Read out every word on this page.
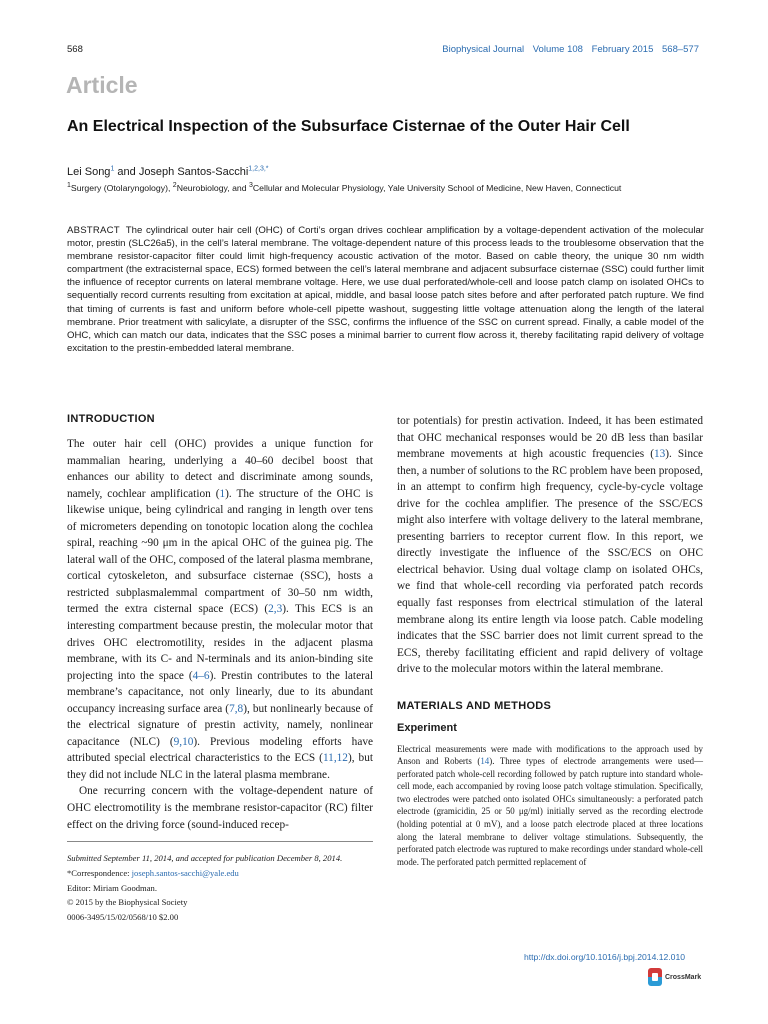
568	Biophysical Journal Volume 108 February 2015 568–577
Article
An Electrical Inspection of the Subsurface Cisternae of the Outer Hair Cell
Lei Song$^1$ and Joseph Santos-Sacchi$^{1,2,3,*}$
$^1$Surgery (Otolaryngology), $^2$Neurobiology, and $^3$Cellular and Molecular Physiology, Yale University School of Medicine, New Haven, Connecticut
ABSTRACT The cylindrical outer hair cell (OHC) of Corti’s organ drives cochlear amplification by a voltage-dependent activation of the molecular motor, prestin (SLC26a5), in the cell’s lateral membrane. The voltage-dependent nature of this process leads to the troublesome observation that the membrane resistor-capacitor filter could limit high-frequency acoustic activation of the motor. Based on cable theory, the unique 30 nm width compartment (the extracisternal space, ECS) formed between the cell’s lateral membrane and adjacent subsurface cisternae (SSC) could further limit the influence of receptor currents on lateral membrane voltage. Here, we use dual perforated/whole-cell and loose patch clamp on isolated OHCs to sequentially record currents resulting from excitation at apical, middle, and basal loose patch sites before and after perforated patch rupture. We find that timing of currents is fast and uniform before whole-cell pipette washout, suggesting little voltage attenuation along the length of the lateral membrane. Prior treatment with salicylate, a disrupter of the SSC, confirms the influence of the SSC on current spread. Finally, a cable model of the OHC, which can match our data, indicates that the SSC poses a minimal barrier to current flow across it, thereby facilitating rapid delivery of voltage excitation to the prestin-embedded lateral membrane.
INTRODUCTION

The outer hair cell (OHC) provides a unique function for mammalian hearing, underlying a 40–60 decibel boost that enhances our ability to detect and discriminate among sounds, namely, cochlear amplification (1). The structure of the OHC is likewise unique, being cylindrical and ranging in length over tens of micrometers depending on tonotopic location along the cochlea spiral, reaching ~90 μm in the apical OHC of the guinea pig. The lateral wall of the OHC, composed of the lateral plasma membrane, cortical cytoskeleton, and subsurface cisternae (SSC), hosts a restricted subplasmalemmal compartment of 30–50 nm width, termed the extra cisternal space (ECS) (2,3). This ECS is an interesting compartment because prestin, the molecular motor that drives OHC electromotility, resides in the adjacent plasma membrane, with its C- and N-terminals and its anion-binding site projecting into the space (4–6). Prestin contributes to the lateral membrane’s capacitance, not only linearly, due to its abundant occupancy increasing surface area (7,8), but nonlinearly because of the electrical signature of prestin activity, namely, nonlinear capacitance (NLC) (9,10). Previous modeling efforts have attributed special electrical characteristics to the ECS (11,12), but they did not include NLC in the lateral plasma membrane.

One recurring concern with the voltage-dependent nature of OHC electromotility is the membrane resistor-capacitor (RC) filter effect on the driving force (sound-induced recep-

Submitted September 11, 2014, and accepted for publication December 8, 2014.

*Correspondence: joseph.santos-sacchi@yale.edu

Editor: Miriam Goodman.

© 2015 by the Biophysical Society

0006-3495/15/02/0568/10 $2.00

tor potentials) for prestin activation. Indeed, it has been estimated that OHC mechanical responses would be 20 dB less than basilar membrane movements at high acoustic frequencies (13). Since then, a number of solutions to the RC problem have been proposed, in an attempt to confirm high frequency, cycle-by-cycle voltage drive for the cochlea amplifier. The presence of the SSC/ECS might also interfere with voltage delivery to the lateral membrane, presenting barriers to receptor current flow. In this report, we directly investigate the influence of the SSC/ECS on OHC electrical behavior. Using dual voltage clamp on isolated OHCs, we find that whole-cell recording via perforated patch records equally fast responses from electrical stimulation of the lateral membrane along its entire length via loose patch. Cable modeling indicates that the SSC barrier does not limit current spread to the ECS, thereby facilitating efficient and rapid delivery of voltage drive to the molecular motors within the lateral membrane.

MATERIALS AND METHODS
Experiment

Electrical measurements were made with modifications to the approach used by Anson and Roberts (14). Three types of electrode arrangements were used—perforated patch whole-cell recording followed by patch rupture into standard whole-cell mode, each accompanied by roving loose patch voltage stimulation. Specifically, two electrodes were patched onto isolated OHCs simultaneously: a perforated patch electrode (gramicidin, 25 or 50 μg/ml) initially served as the recording electrode (holding potential at 0 mV), and a loose patch electrode placed at three locations along the lateral membrane to deliver voltage stimulations. Subsequently, the perforated patch electrode was ruptured to make recordings under standard whole-cell mode. The perforated patch permitted replacement of

http://dx.doi.org/10.1016/j.bpj.2014.12.010
CrossMark
